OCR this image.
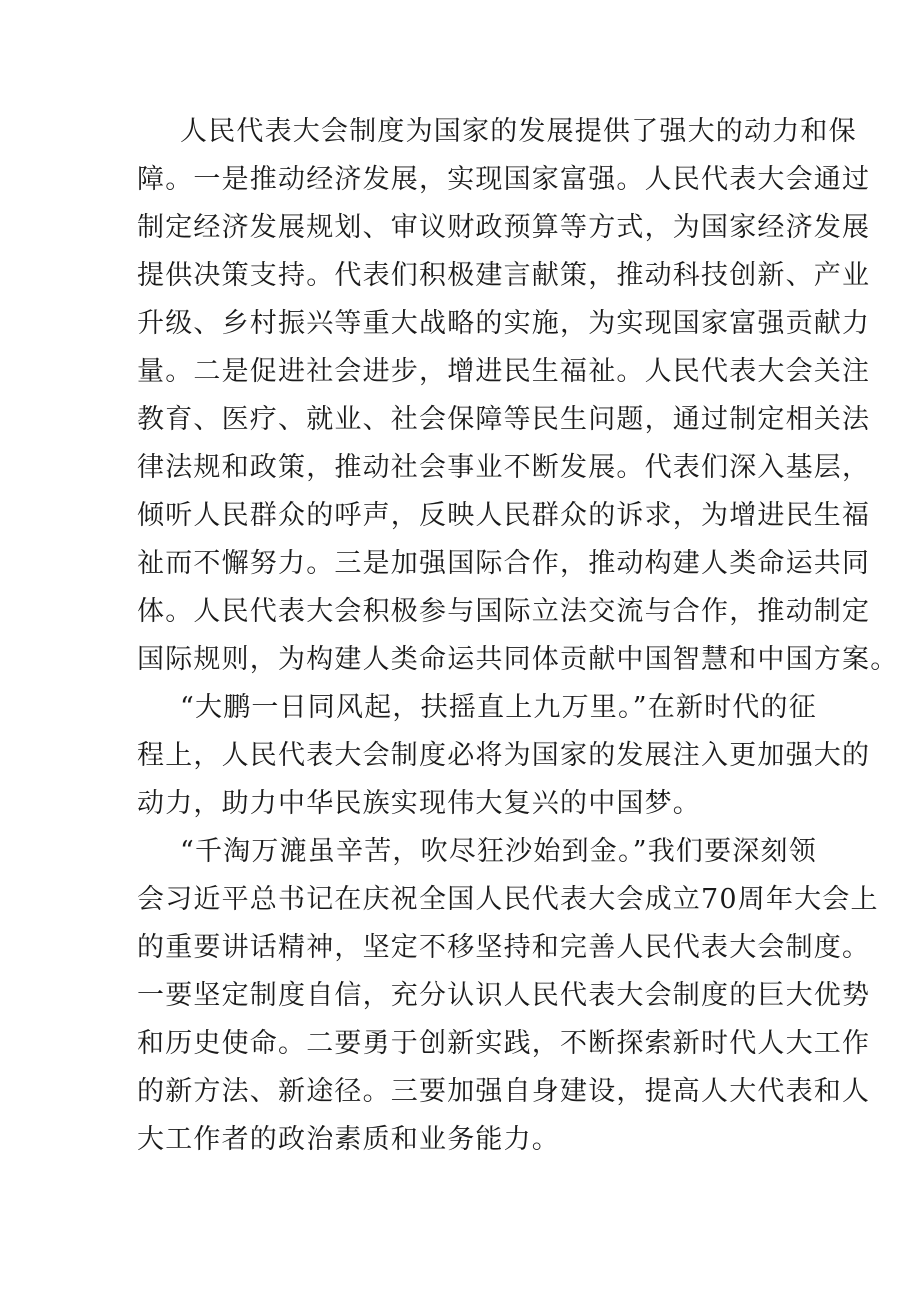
人民代表大会制度为国家的发展提供了强大的动力和保

障。一是推动经济发展，实现国家富强。人民代表大会通过

制定经济发展规划、审议财政预算等方式，为国家经济发展

提供决策支持。代表们积极建言献策，推动科技创新、产业

升级、乡村振兴等重大战略的实施，为实现国家富强贡献力

量。二是促进社会进步，增进民生福祉。人民代表大会关注

教育、医疗、就业、社会保障等民生问题，通过制定相关法

律法规和政策，推动社会事业不断发展。代表们深入基层，

倾听人民群众的呼声，反映人民群众的诉求，为增进民生福

祉而不懈努力。三是加强国际合作，推动构建人类命运共同

体。人民代表大会积极参与国际立法交流与合作，推动制定

国际规则，为构建人类命运共同体贡献中国智慧和中国方案。

“大鹏一日同风起，扶摇直上九万里。”在新时代的征

程上，人民代表大会制度必将为国家的发展注入更加强大的

动力，助力中华民族实现伟大复兴的中国梦。

“千淘万漉虽辛苦，吹尽狂沙始到金。”我们要深刻领

会习近平总书记在庆祝全国人民代表大会成立70周年大会上

的重要讲话精神，坚定不移坚持和完善人民代表大会制度。

一要坚定制度自信，充分认识人民代表大会制度的巨大优势

和历史使命。二要勇于创新实践，不断探索新时代人大工作

的新方法、新途径。三要加强自身建设，提高人大代表和人

大工作者的政治素质和业务能力。
